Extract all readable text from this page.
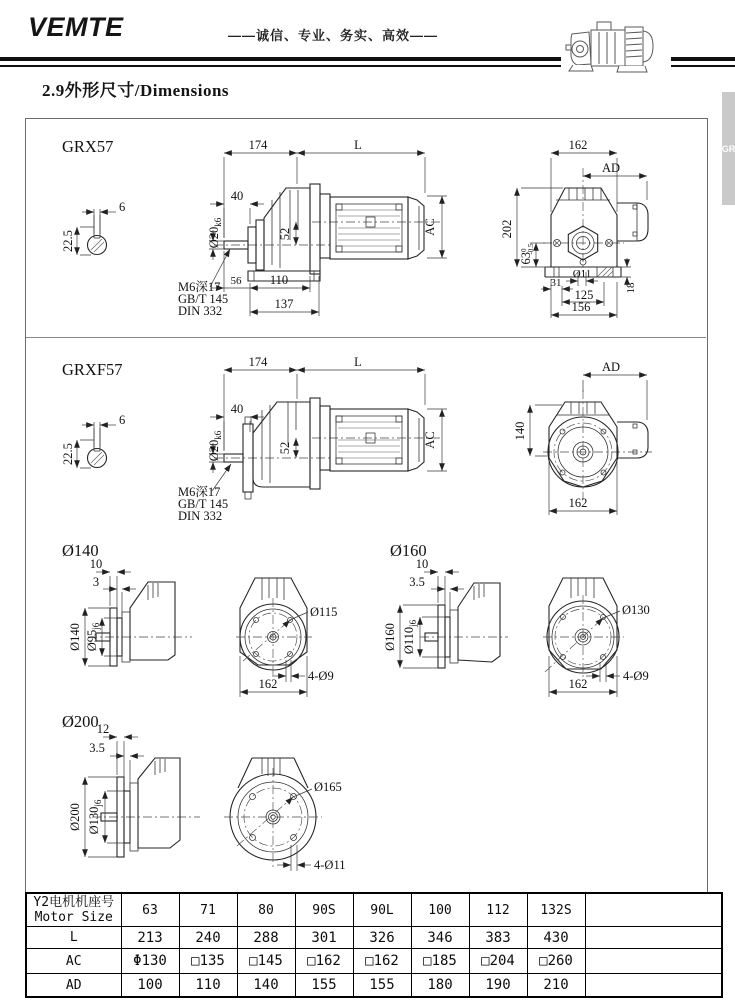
VEMTE	——诚信、专业、务实、高效——
2.9外形尺寸/Dimensions
GR
GRX57
6
22.5
174	L
40
$Ø20_{k6}$
52	AC
56 110
137
M6深17
GB/T 145
DIN 332
162
AD
202
$63^0-0.5$
Ø11
31
125
156
18
GRXF57
6
22.5
174	L
40
$Ø20_{k6}$
52	AC
M6深17
GB/T 145
DIN 332
AD
140
162
Ø140
10
3
Ø140 $Ø95_{j6}$
Ø115
4-Ø9
162
Ø160
10
3.5
Ø160 $Ø110_{j6}$
Ø130
4-Ø9
162
Ø200
12
3.5
Ø200 $Ø130_{j6}$
Ø165
4-Ø11
Y2电机机座号
Motor Size	63	71	80	90S	90L	100	112	132S	
L	213	240	288	301	326	346	383	430	
AC	Φ130	□135	□145	□162	□162	□185	□204	□260	
AD	100	110	140	155	155	180	190	210	
